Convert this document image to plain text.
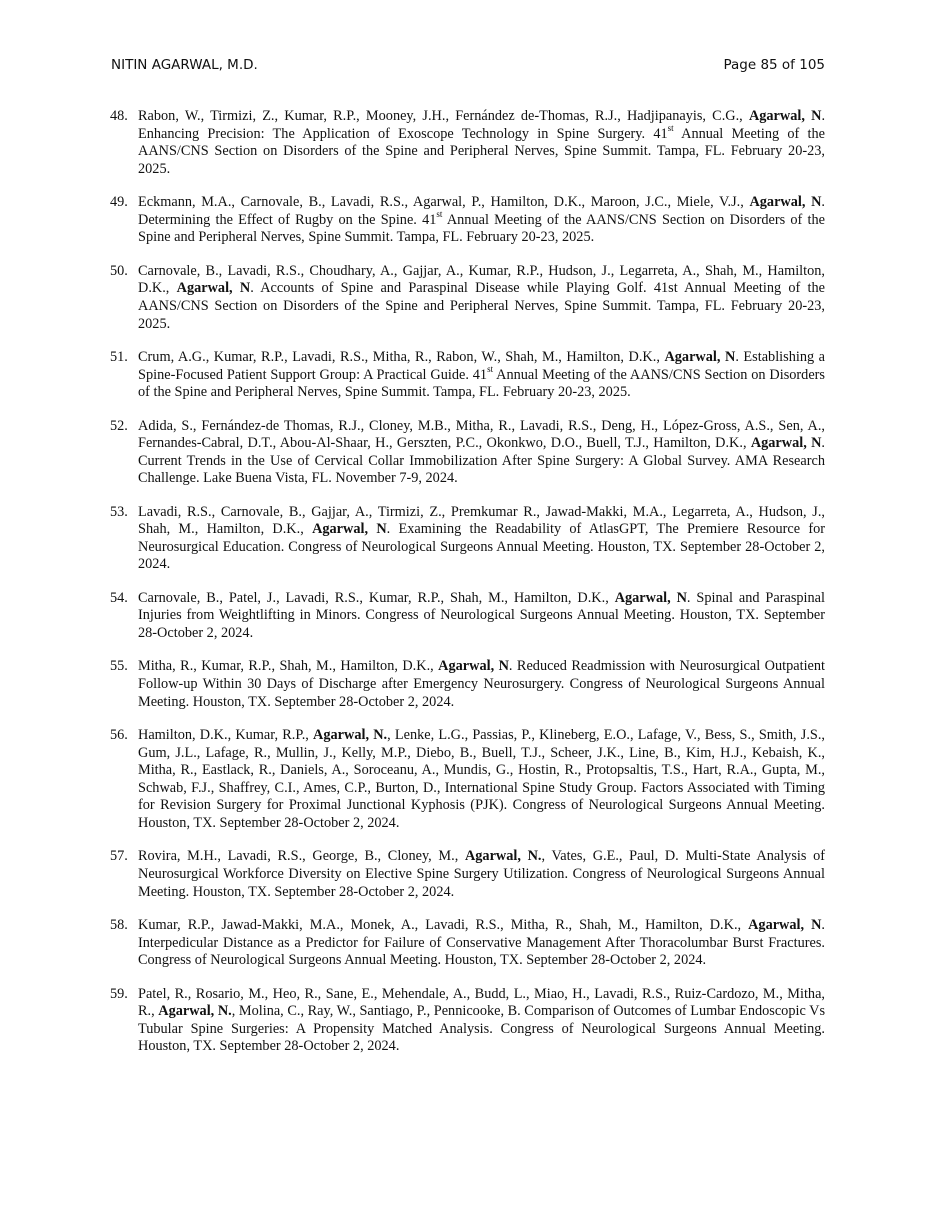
NITIN AGARWAL, M.D.	Page 85 of 105
48. Rabon, W., Tirmizi, Z., Kumar, R.P., Mooney, J.H., Fernández de-Thomas, R.J., Hadjipanayis, C.G., Agarwal, N. Enhancing Precision: The Application of Exoscope Technology in Spine Surgery. 41st Annual Meeting of the AANS/CNS Section on Disorders of the Spine and Peripheral Nerves, Spine Summit. Tampa, FL. February 20-23, 2025.
49. Eckmann, M.A., Carnovale, B., Lavadi, R.S., Agarwal, P., Hamilton, D.K., Maroon, J.C., Miele, V.J., Agarwal, N. Determining the Effect of Rugby on the Spine. 41st Annual Meeting of the AANS/CNS Section on Disorders of the Spine and Peripheral Nerves, Spine Summit. Tampa, FL. February 20-23, 2025.
50. Carnovale, B., Lavadi, R.S., Choudhary, A., Gajjar, A., Kumar, R.P., Hudson, J., Legarreta, A., Shah, M., Hamilton, D.K., Agarwal, N. Accounts of Spine and Paraspinal Disease while Playing Golf. 41st Annual Meeting of the AANS/CNS Section on Disorders of the Spine and Peripheral Nerves, Spine Summit. Tampa, FL. February 20-23, 2025.
51. Crum, A.G., Kumar, R.P., Lavadi, R.S., Mitha, R., Rabon, W., Shah, M., Hamilton, D.K., Agarwal, N. Establishing a Spine-Focused Patient Support Group: A Practical Guide. 41st Annual Meeting of the AANS/CNS Section on Disorders of the Spine and Peripheral Nerves, Spine Summit. Tampa, FL. February 20-23, 2025.
52. Adida, S., Fernández-de Thomas, R.J., Cloney, M.B., Mitha, R., Lavadi, R.S., Deng, H., López-Gross, A.S., Sen, A., Fernandes-Cabral, D.T., Abou-Al-Shaar, H., Gerszten, P.C., Okonkwo, D.O., Buell, T.J., Hamilton, D.K., Agarwal, N. Current Trends in the Use of Cervical Collar Immobilization After Spine Surgery: A Global Survey. AMA Research Challenge. Lake Buena Vista, FL. November 7-9, 2024.
53. Lavadi, R.S., Carnovale, B., Gajjar, A., Tirmizi, Z., Premkumar R., Jawad-Makki, M.A., Legarreta, A., Hudson, J., Shah, M., Hamilton, D.K., Agarwal, N. Examining the Readability of AtlasGPT, The Premiere Resource for Neurosurgical Education. Congress of Neurological Surgeons Annual Meeting. Houston, TX. September 28-October 2, 2024.
54. Carnovale, B., Patel, J., Lavadi, R.S., Kumar, R.P., Shah, M., Hamilton, D.K., Agarwal, N. Spinal and Paraspinal Injuries from Weightlifting in Minors. Congress of Neurological Surgeons Annual Meeting. Houston, TX. September 28-October 2, 2024.
55. Mitha, R., Kumar, R.P., Shah, M., Hamilton, D.K., Agarwal, N. Reduced Readmission with Neurosurgical Outpatient Follow-up Within 30 Days of Discharge after Emergency Neurosurgery. Congress of Neurological Surgeons Annual Meeting. Houston, TX. September 28-October 2, 2024.
56. Hamilton, D.K., Kumar, R.P., Agarwal, N., Lenke, L.G., Passias, P., Klineberg, E.O., Lafage, V., Bess, S., Smith, J.S., Gum, J.L., Lafage, R., Mullin, J., Kelly, M.P., Diebo, B., Buell, T.J., Scheer, J.K., Line, B., Kim, H.J., Kebaish, K., Mitha, R., Eastlack, R., Daniels, A., Soroceanu, A., Mundis, G., Hostin, R., Protopsaltis, T.S., Hart, R.A., Gupta, M., Schwab, F.J., Shaffrey, C.I., Ames, C.P., Burton, D., International Spine Study Group. Factors Associated with Timing for Revision Surgery for Proximal Junctional Kyphosis (PJK). Congress of Neurological Surgeons Annual Meeting. Houston, TX. September 28-October 2, 2024.
57. Rovira, M.H., Lavadi, R.S., George, B., Cloney, M., Agarwal, N., Vates, G.E., Paul, D. Multi-State Analysis of Neurosurgical Workforce Diversity on Elective Spine Surgery Utilization. Congress of Neurological Surgeons Annual Meeting. Houston, TX. September 28-October 2, 2024.
58. Kumar, R.P., Jawad-Makki, M.A., Monek, A., Lavadi, R.S., Mitha, R., Shah, M., Hamilton, D.K., Agarwal, N. Interpedicular Distance as a Predictor for Failure of Conservative Management After Thoracolumbar Burst Fractures. Congress of Neurological Surgeons Annual Meeting. Houston, TX. September 28-October 2, 2024.
59. Patel, R., Rosario, M., Heo, R., Sane, E., Mehendale, A., Budd, L., Miao, H., Lavadi, R.S., Ruiz-Cardozo, M., Mitha, R., Agarwal, N., Molina, C., Ray, W., Santiago, P., Pennicooke, B. Comparison of Outcomes of Lumbar Endoscopic Vs Tubular Spine Surgeries: A Propensity Matched Analysis. Congress of Neurological Surgeons Annual Meeting. Houston, TX. September 28-October 2, 2024.
